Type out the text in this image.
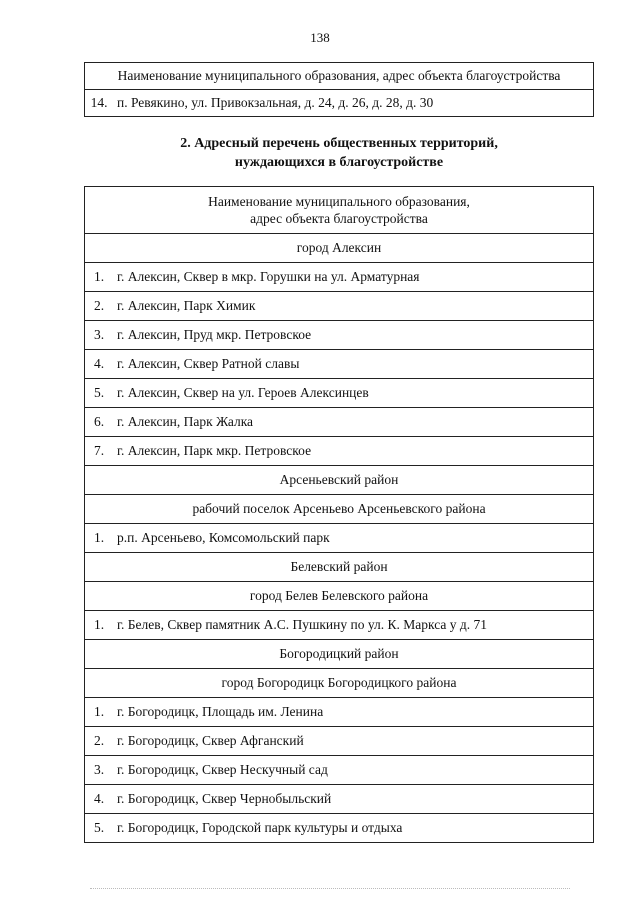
138
Наименование муниципального образования, адрес объекта благоустройства
14.	п. Ревякино, ул. Привокзальная, д. 24, д. 26, д. 28, д. 30
2. Адресный перечень общественных территорий,
нуждающихся в благоустройстве
Наименование муниципального образования,
адрес объекта благоустройства	

город Алексин	
1.	г. Алексин, Сквер в мкр. Горушки на ул. Арматурная
2.	г. Алексин, Парк Химик
3.	г. Алексин, Пруд мкр. Петровское
4.	г. Алексин, Сквер Ратной славы
5.	г. Алексин, Сквер на ул. Героев Алексинцев
6.	г. Алексин, Парк Жалка
7.	г. Алексин, Парк мкр. Петровское
Арсеньевский район	
рабочий поселок Арсеньево Арсеньевского района	
1.	р.п. Арсеньево, Комсомольский парк
Белевский район	
город Белев Белевского района	
1.	г. Белев, Сквер памятник А.С. Пушкину по ул. К. Маркса у д. 71
Богородицкий район	
город Богородицк Богородицкого района	
1.	г. Богородицк, Площадь им. Ленина
2.	г. Богородицк, Сквер Афганский
3.	г. Богородицк, Сквер Нескучный сад
4.	г. Богородицк, Сквер Чернобыльский
5.	г. Богородицк, Городской парк культуры и отдыха
